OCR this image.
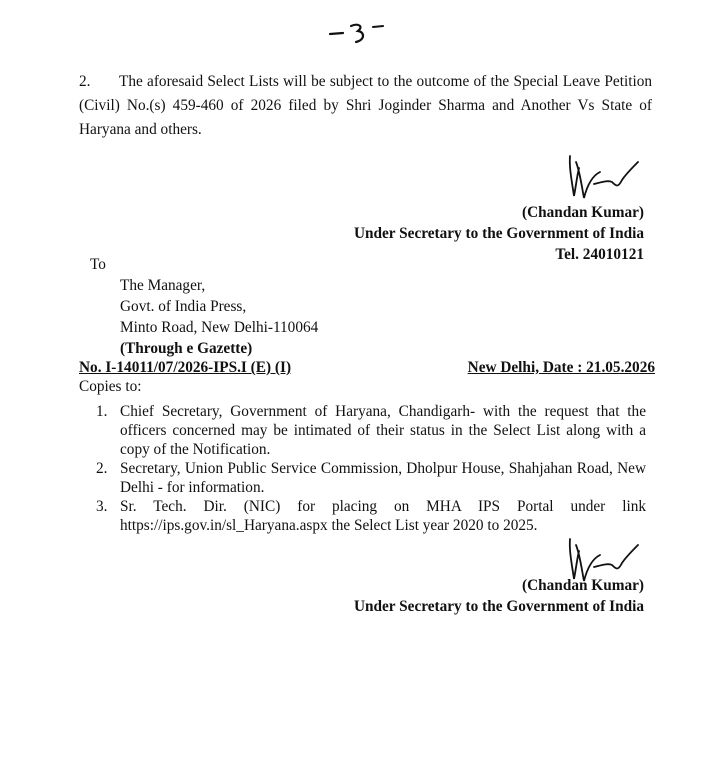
2. The aforesaid Select Lists will be subject to the outcome of the Special Leave Petition (Civil) No.(s) 459-460 of 2026 filed by Shri Joginder Sharma and Another Vs State of Haryana and others.

(Chandan Kumar)
Under Secretary to the Government of India
Tel. 24010121
To
The Manager,
Govt. of India Press,
Minto Road, New Delhi-110064
(Through e Gazette)
No. I-14011/07/2026-IPS.I (E) (I)	New Delhi, Date : 21.05.2026
Copies to:
1. Chief Secretary, Government of Haryana, Chandigarh- with the request that the officers concerned may be intimated of their status in the Select List along with a copy of the Notification.
2. Secretary, Union Public Service Commission, Dholpur House, Shahjahan Road, New Delhi - for information.
3. Sr. Tech. Dir. (NIC) for placing on MHA IPS Portal under link https://ips.gov.in/sl_Haryana.aspx the Select List year 2020 to 2025.
(Chandan Kumar)
Under Secretary to the Government of India
